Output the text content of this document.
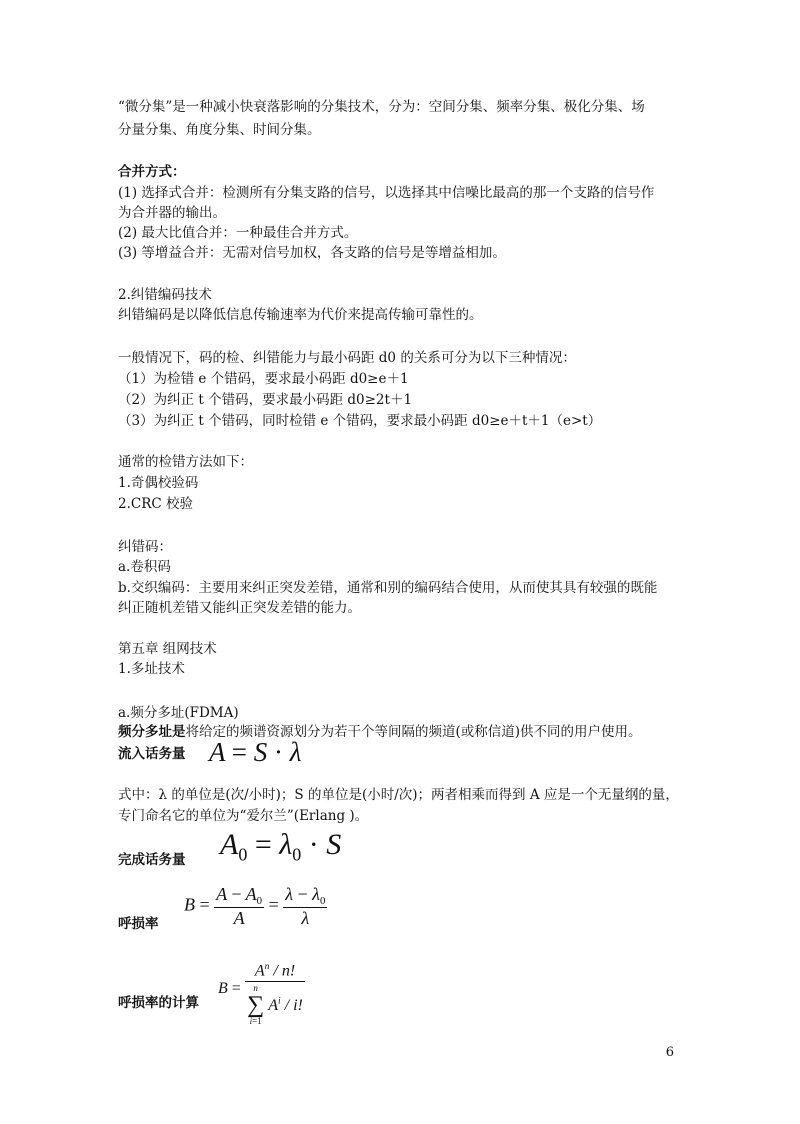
“微分集”是一种减小快衰落影响的分集技术，分为：空间分集、频率分集、极化分集、场
分量分集、角度分集、时间分集。
合并方式：
(1) 选择式合并：检测所有分集支路的信号，以选择其中信噪比最高的那一个支路的信号作
为合并器的输出。
(2) 最大比值合并：一种最佳合并方式。
(3) 等增益合并：无需对信号加权，各支路的信号是等增益相加。
2.纠错编码技术
纠错编码是以降低信息传输速率为代价来提高传输可靠性的。
一般情况下，码的检、纠错能力与最小码距 d0 的关系可分为以下三种情况：
（1）为检错 e 个错码，要求最小码距 d0≥e＋1
（2）为纠正 t 个错码，要求最小码距 d0≥2t＋1
（3）为纠正 t 个错码，同时检错 e 个错码，要求最小码距 d0≥e＋t＋1（e>t）
通常的检错方法如下：
1.奇偶校验码
2.CRC 校验
纠错码：
a.卷积码
b.交织编码：主要用来纠正突发差错，通常和别的编码结合使用，从而使其具有较强的既能
纠正随机差错又能纠正突发差错的能力。
第五章 组网技术
1.多址技术
a.频分多址(FDMA)
频分多址是将给定的频谱资源划分为若干个等间隔的频道(或称信道)供不同的用户使用。
流入话务量 A = S · λ
式中：λ 的单位是(次/小时)；S 的单位是(小时/次)；两者相乘而得到 A 应是一个无量纲的量，
专门命名它的单位为“爱尔兰”(Erlang )。
完成话务量 $A_0 = \lambda_0 \cdot S$
呼损率
$B = \frac{A - A_0}{A} = \frac{\lambda - \lambda_0}{\lambda}$
呼损率的计算
$B = A^n / n$!
n
∑
i=1
$A^i$ / i!
6
